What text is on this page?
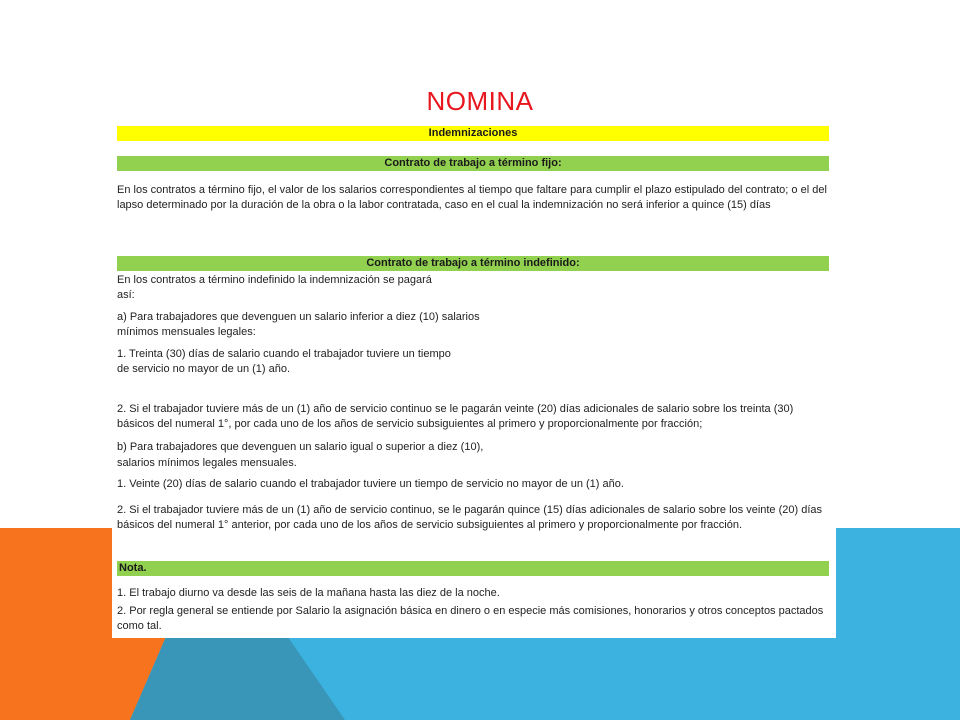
NOMINA
Indemnizaciones
Contrato de trabajo a término fijo:

En los contratos a término fijo, el valor de los salarios correspondientes al tiempo que faltare para cumplir el plazo estipulado del contrato; o el del lapso determinado por la duración de la obra o la labor contratada, caso en el cual la indemnización no será inferior a quince (15) días

Contrato de trabajo a término indefinido:

En los contratos a término indefinido la indemnización se pagará

así:

a) Para trabajadores que devenguen un salario inferior a diez (10) salarios

mínimos mensuales legales:

1. Treinta (30) días de salario cuando el trabajador tuviere un tiempo

de servicio no mayor de un (1) año.

2. Si el trabajador tuviere más de un (1) año de servicio continuo se le pagarán veinte (20) días adicionales de salario sobre los treinta (30) básicos del numeral 1°, por cada uno de los años de servicio subsiguientes al primero y proporcionalmente por fracción;

b) Para trabajadores que devenguen un salario igual o superior a diez (10),

salarios mínimos legales mensuales.

1. Veinte (20) días de salario cuando el trabajador tuviere un tiempo de servicio no mayor de un (1) año.

2. Si el trabajador tuviere más de un (1) año de servicio continuo, se le pagarán quince (15) días adicionales de salario sobre los veinte (20) días básicos del numeral 1° anterior, por cada uno de los años de servicio subsiguientes al primero y proporcionalmente por fracción.

Nota.

1. El trabajo diurno va desde las seis de la mañana hasta las diez de la noche.

2. Por regla general se entiende por Salario la asignación básica en dinero o en especie más comisiones, honorarios y otros conceptos pactados como tal.
